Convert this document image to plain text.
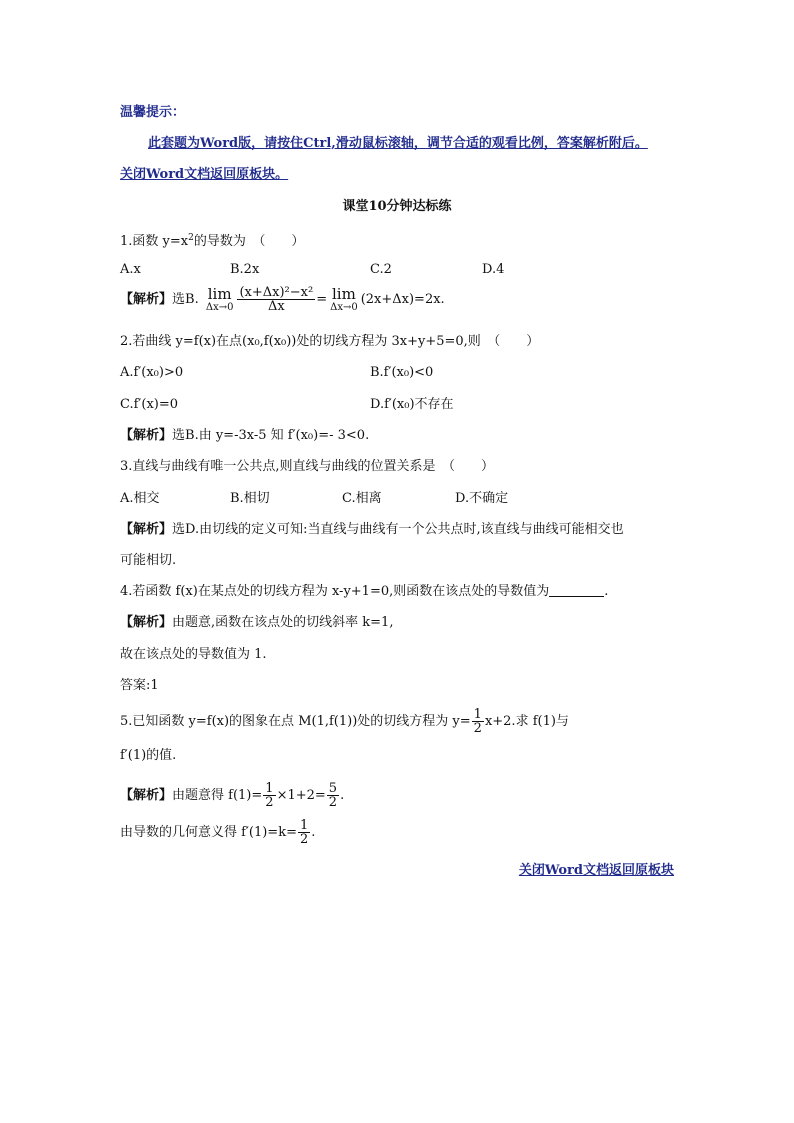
温馨提示：
此套题为Word版，请按住Ctrl,滑动鼠标滚轴，调节合适的观看比例，答案解析附后。
关闭Word文档返回原板块。
课堂10分钟达标练
1.函数 $y=x^2$的导数为　（　　）
A.x	B.2x	C.2	D.4
【解析】选B. lim
$\Delta x\to 0 \frac{\text{(x+Δx)²−x²}}{\Delta x} = \lim$
Δx→0 (2x+Δx)=2x.
2.若曲线 y=f(x)在点(x₀,f(x₀))处的切线方程为 3x+y+5=0,则　（　　）
A.f′(x₀)>0	B.f′(x₀)<0
C.f′(x)=0	D.f′(x₀)不存在
【解析】选B.由 y=-3x-5 知 f′(x₀)=- 3<0.
3.直线与曲线有唯一公共点,则直线与曲线的位置关系是　（　　）
A.相交	B.相切	C.相离	D.不确定
【解析】选D.由切线的定义可知:当直线与曲线有一个公共点时,该直线与曲线可能相交也
可能相切.
4.若函数 f(x)在某点处的切线方程为 x-y+1=0,则函数在该点处的导数值为	.
【解析】由题意,函数在该点处的切线斜率 k=1,
故在该点处的导数值为 1.
答案:1
5.已知函数 y=f(x)的图象在点 M(1,f(1))处的切线方程为 $y= \frac{1}{2} x+2$.求 f(1)与
f′(1)的值.
【解析】由题意得 $f(1)= \frac{1}{2} \times 1+2= \frac{5}{2}$ .
由导数的几何意义得 $f'(1)=k= \frac{1}{2}$ .
关闭Word文档返回原板块
